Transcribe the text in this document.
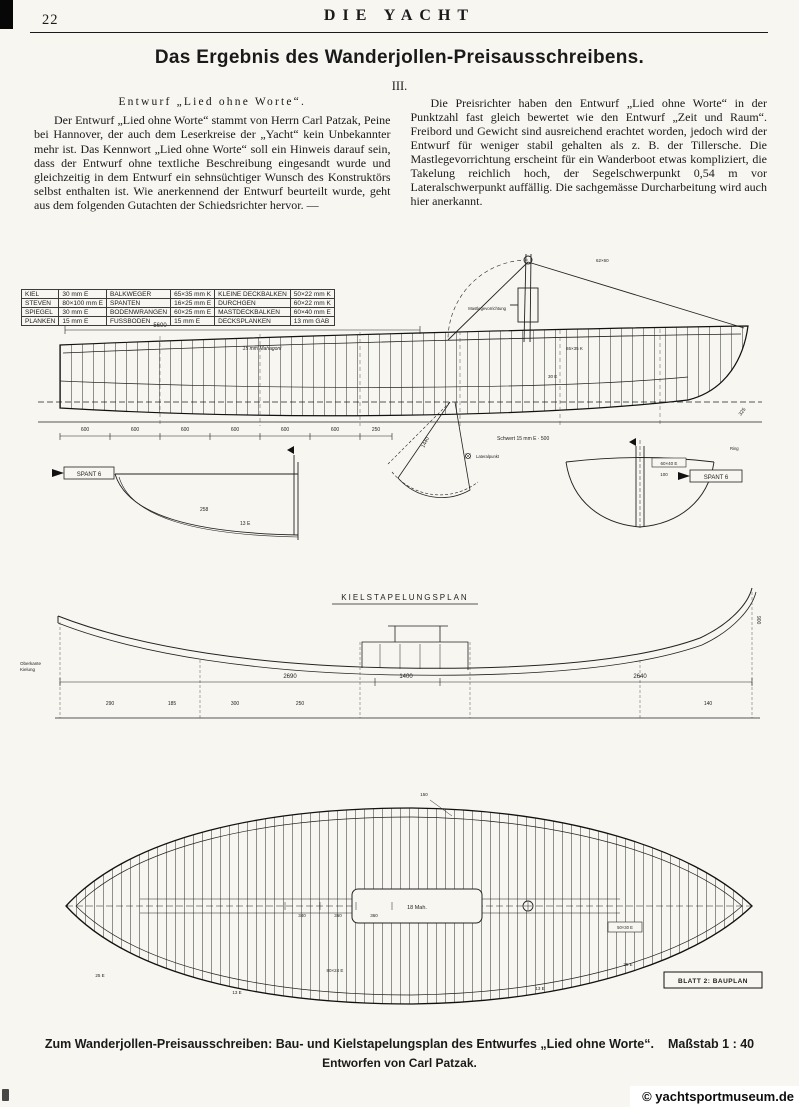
22	DIE YACHT
Das Ergebnis des Wanderjollen-Preisausschreibens.
III.
Entwurf „Lied ohne Worte“.

Der Entwurf „Lied ohne Worte“ stammt von Herrn Carl Patzak, Peine bei Hannover, der auch dem Leserkreise der „Yacht“ kein Unbekannter mehr ist. Das Kennwort „Lied ohne Worte“ soll ein Hinweis darauf sein, dass der Entwurf ohne textliche Beschreibung eingesandt wurde und gleichzeitig in dem Entwurf ein sehnsüchtiger Wunsch des Konstruktörs selbst enthalten ist. Wie anerkennend der Entwurf beurteilt wurde, geht aus dem folgenden Gutachten der Schiedsrichter hervor. —

Die Preisrichter haben den Entwurf „Lied ohne Worte“ in der Punktzahl fast gleich bewertet wie den Entwurf „Zeit und Raum“. Freibord und Gewicht sind ausreichend erachtet worden, jedoch wird der Entwurf für weniger stabil gehalten als z. B. der Tillersche. Die Mastlegevorrichtung erscheint für ein Wanderboot etwas kompliziert, die Takelung reichlich hoch, der Segelschwerpunkt 0,54 m vor Lateralschwerpunkt auffällig. Die sachgemässe Durcharbeitung wird auch hier anerkannt.

KIEL	30 mm E	BALKWEGER	65×35 mm K	KLEINE DECKBALKEN	50×22 mm K
STEVEN	80×100 mm E	SPANTEN	16×25 mm E	DURCHGEN	60×22 mm K
SPIEGEL	30 mm E	BODENWRANGEN	60×25 mm E	MASTDECKBALKEN	60×40 mm E
PLANKEN	15 mm E	FUSSBODEN	15 mm E	DECKSPLANKEN	13 mm GAB
62×60
Mastlegevorrichtung
5600
15 mm Mahagoni	65×35 K
30 E
600	600	600	600	600	600	250
Schwert 15 mm E · 500
1440
Lateralpunkt
325
SPANT 6
258
13 E
60×40 E
100
Ring
SPANT 6
KIELSTAPELUNGSPLAN
2690	1400	2640
290	185	300	250	140
Oberkante
Kielung
900
18 Mah.
50×30 E
340	360	360
25 E
13 E
80×24 E
13 E
25 E
150
BLATT 2: BAUPLAN
Zum Wanderjollen-Preisausschreiben: Bau- und Kielstapelungsplan des Entwurfes „Lied ohne Worte“. Maßstab 1 : 40
Entworfen von Carl Patzak.
© yachtsportmuseum.de
